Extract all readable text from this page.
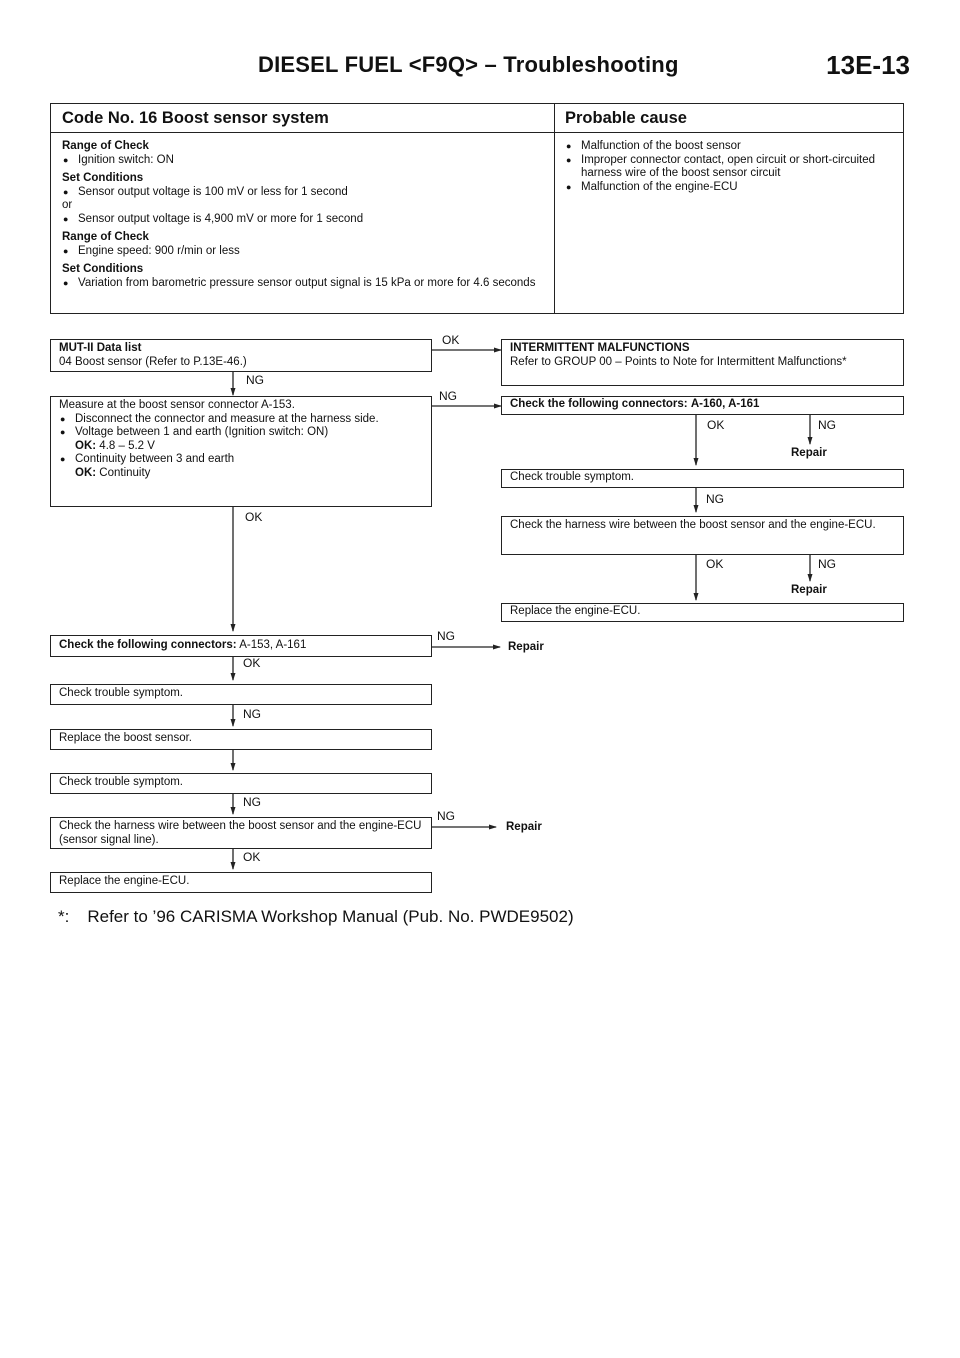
DIESEL FUEL <F9Q> – Troubleshooting	13E-13
Code No. 16 Boost sensor system	Probable cause
Range of Check
● Ignition switch: ON
Set Conditions
● Sensor output voltage is 100 mV or less for 1 second
or
● Sensor output voltage is 4,900 mV or more for 1 second
Range of Check
● Engine speed: 900 r/min or less
Set Conditions
● Variation from barometric pressure sensor output signal is 15 kPa or more for 4.6 seconds
● Malfunction of the boost sensor
● Improper connector contact, open circuit or short-circuited harness wire of the boost sensor circuit
● Malfunction of the engine-ECU
MUT-II Data list
04 Boost sensor (Refer to P.13E-46.)
INTERMITTENT MALFUNCTIONS
Refer to GROUP 00 – Points to Note for Intermittent Malfunctions*
Measure at the boost sensor connector A-153.
● Disconnect the connector and measure at the harness side.
● Voltage between 1 and earth (Ignition switch: ON)
OK: 4.8 – 5.2 V
● Continuity between 3 and earth
OK: Continuity
Check the following connectors: A-160, A-161
Check trouble symptom.
Check the harness wire between the boost sensor and the engine-ECU.
Replace the engine-ECU.
Check the following connectors: A-153, A-161
Check trouble symptom.
Replace the boost sensor.
Check trouble symptom.
Check the harness wire between the boost sensor and the engine-ECU (sensor signal line).
Replace the engine-ECU.
OK
NG
NG
OK	NG
Repair
NG
OK
OK	NG
Repair
NG
Repair
OK
NG
NG
NG
Repair
OK
*: Refer to ’96 CARISMA Workshop Manual (Pub. No. PWDE9502)
